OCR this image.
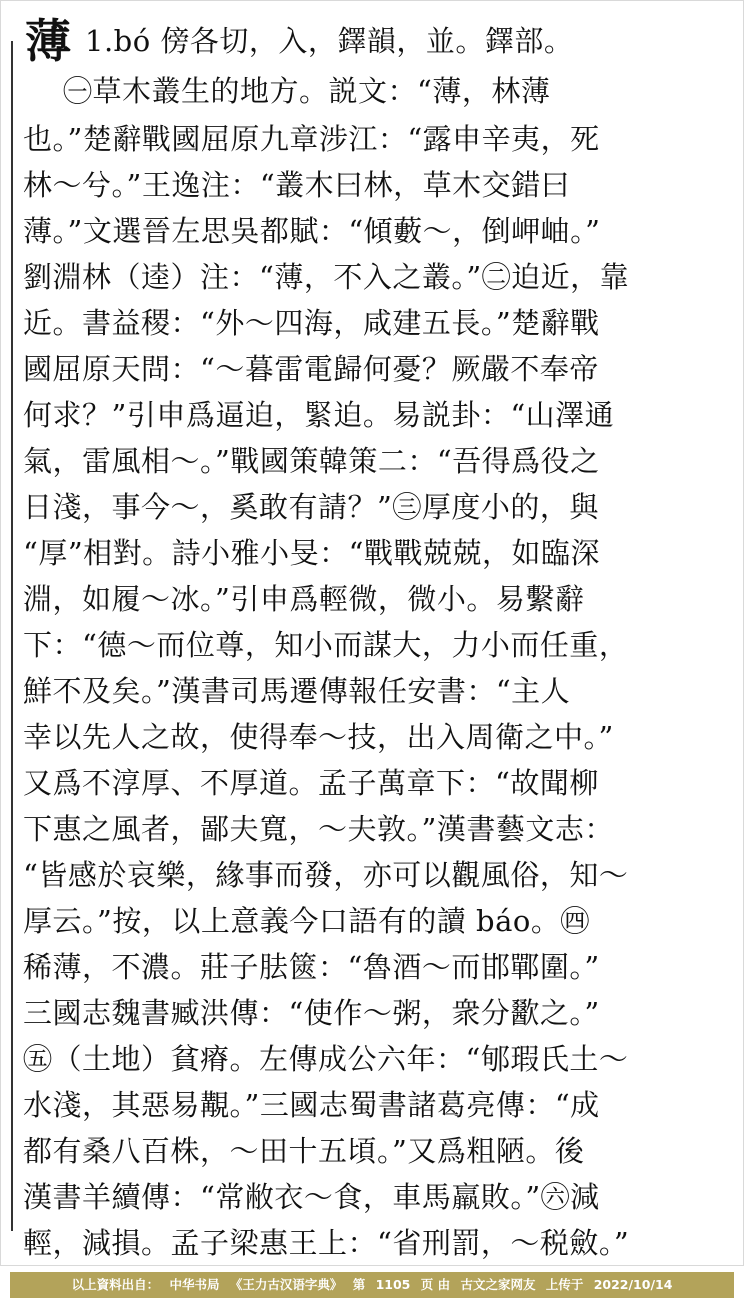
薄 1.bó 傍各切，入，鐸韻，並。鐸部。
㊀草木叢生的地方。説文：“薄，林薄
也。”楚辭戰國屈原九章涉江：“露申辛夷，死
林～兮。”王逸注：“叢木曰林，草木交錯曰
薄。”文選晉左思吳都賦：“傾藪～，倒岬岫。”
劉淵林（逵）注：“薄，不入之叢。”㊁迫近，靠
近。書益稷：“外～四海，咸建五長。”楚辭戰
國屈原天問：“～暮雷電歸何憂？厥嚴不奉帝
何求？”引申爲逼迫，緊迫。易説卦：“山澤通
氣，雷風相～。”戰國策韓策二：“吾得爲役之
日淺，事今～，奚敢有請？”㊂厚度小的，與
“厚”相對。詩小雅小旻：“戰戰兢兢，如臨深
淵，如履～冰。”引申爲輕微，微小。易繫辭
下：“德～而位尊，知小而謀大，力小而任重，
鮮不及矣。”漢書司馬遷傳報任安書：“主人
幸以先人之故，使得奉～技，出入周衛之中。”
又爲不淳厚、不厚道。孟子萬章下：“故聞柳
下惠之風者，鄙夫寬，～夫敦。”漢書藝文志：
“皆感於哀樂，緣事而發，亦可以觀風俗，知～
厚云。”按，以上意義今口語有的讀 báo。㊃
稀薄，不濃。莊子胠篋：“魯酒～而邯鄲圍。”
三國志魏書臧洪傳：“使作～粥，衆分歠之。”
㊄（土地）貧瘠。左傳成公六年：“郇瑕氏土～
水淺，其惡易覯。”三國志蜀書諸葛亮傳：“成
都有桑八百株，～田十五頃。”又爲粗陋。後
漢書羊續傳：“常敝衣～食，車馬羸敗。”㊅減
輕，減損。孟子梁惠王上：“省刑罰，～税斂。”
以上資料出自： 中华书局 《王力古汉语字典》 第 1105 页 由 古文之家网友 上传于 2022/10/14
